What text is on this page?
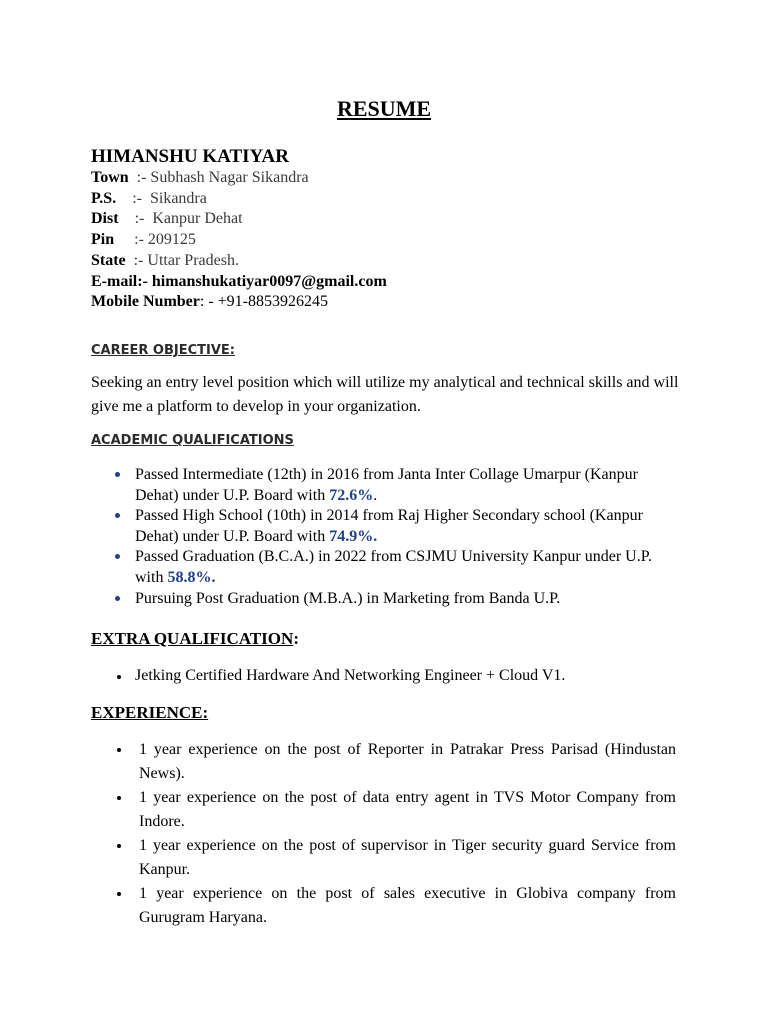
RESUME
HIMANSHU KATIYAR
Town  :- Subhash Nagar Sikandra
P.S.    :-  Sikandra
Dist    :-  Kanpur Dehat
Pin     :- 209125
State  :- Uttar Pradesh.
E-mail:- himanshukatiyar0097@gmail.com
Mobile Number: - +91-8853926245
CAREER OBJECTIVE:
Seeking an entry level position which will utilize my analytical and technical skills and will give me a platform to develop in your organization.
ACADEMIC QUALIFICATIONS
Passed Intermediate (12th) in 2016 from Janta Inter Collage Umarpur (Kanpur Dehat) under U.P. Board with 72.6%.
Passed High School (10th) in 2014 from Raj Higher Secondary school (Kanpur Dehat) under U.P. Board with 74.9%.
Passed Graduation (B.C.A.) in 2022 from CSJMU University Kanpur under U.P. with 58.8%.
Pursuing Post Graduation (M.B.A.) in Marketing from Banda U.P.
EXTRA QUALIFICATION:
Jetking Certified Hardware And Networking Engineer + Cloud V1.
EXPERIENCE:
1 year experience on the post of Reporter in Patrakar Press Parisad (Hindustan News).
1 year experience on the post of data entry agent in TVS Motor Company from Indore.
1 year experience on the post of supervisor in Tiger security guard Service from Kanpur.
1 year experience on the post of sales executive in Globiva company from Gurugram Haryana.
